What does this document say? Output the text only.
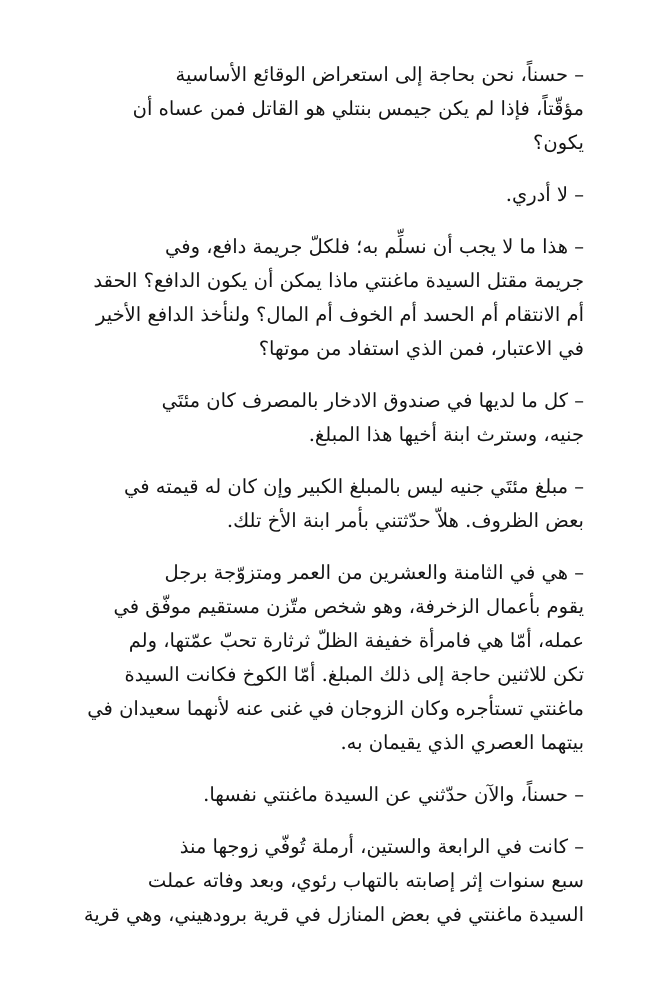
– حسناً، نحن بحاجة إلى استعراض الوقائع الأساسية
مؤقّتاً، فإذا لم يكن جيمس بنتلي هو القاتل فمن عساه أن
يكون؟

– لا أدري.

– هذا ما لا يجب أن نسلِّم به؛ فلكلّ جريمة دافع، وفي
جريمة مقتل السيدة ماغنتي ماذا يمكن أن يكون الدافع؟ الحقد
أم الانتقام أم الحسد أم الخوف أم المال؟ ولنأخذ الدافع الأخير
في الاعتبار، فمن الذي استفاد من موتها؟

– كل ما لديها في صندوق الادخار بالمصرف كان مئتَي
جنيه، وسترث ابنة أخيها هذا المبلغ.

– مبلغ مئتَي جنيه ليس بالمبلغ الكبير وإن كان له قيمته في
بعض الظروف. هلاّ حدّثتني بأمر ابنة الأخ تلك.

– هي في الثامنة والعشرين من العمر ومتزوّجة برجل
يقوم بأعمال الزخرفة، وهو شخص متّزن مستقيم موفّق في
عمله، أمّا هي فامرأة خفيفة الظلّ ثرثارة تحبّ عمّتها، ولم
تكن للاثنين حاجة إلى ذلك المبلغ. أمّا الكوخ فكانت السيدة
ماغنتي تستأجره وكان الزوجان في غنى عنه لأنهما سعيدان في
بيتهما العصري الذي يقيمان به.

– حسناً، والآن حدّثني عن السيدة ماغنتي نفسها.

– كانت في الرابعة والستين، أرملة تُوفّي زوجها منذ
سبع سنوات إثر إصابته بالتهاب رئوي، وبعد وفاته عملت
السيدة ماغنتي في بعض المنازل في قرية برودهيني، وهي قرية
